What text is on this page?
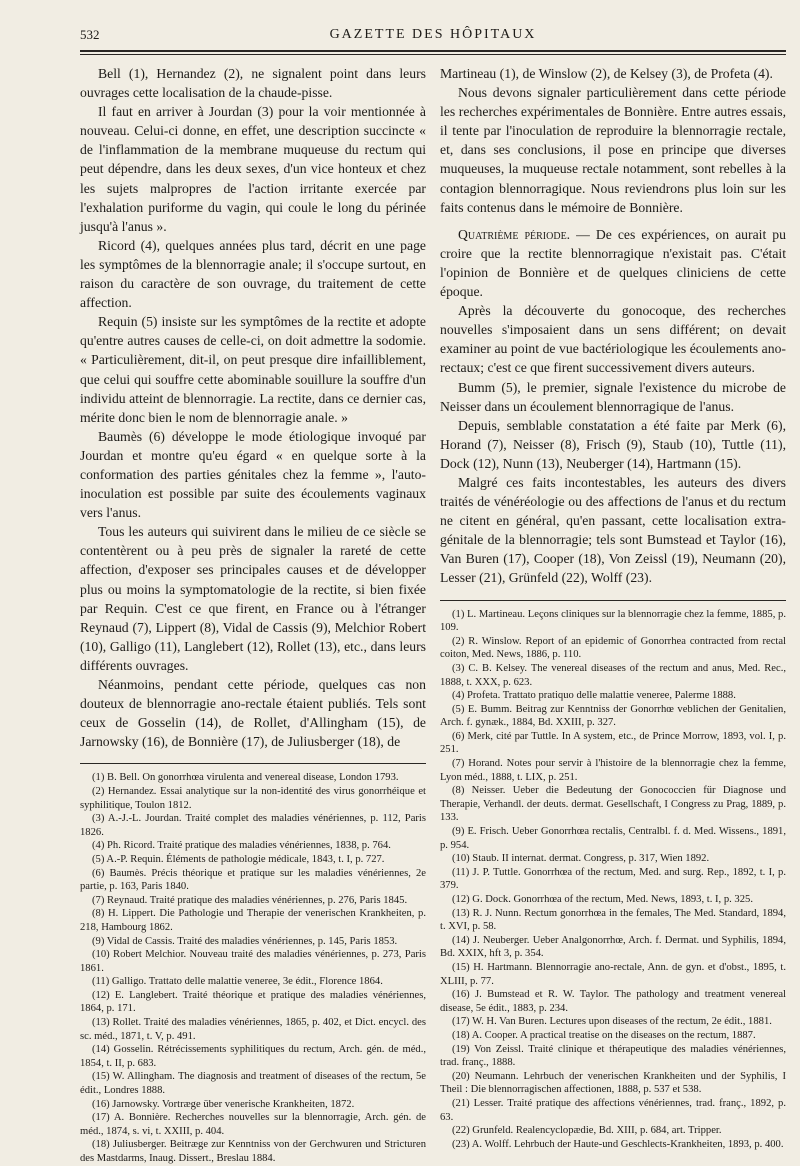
532	GAZETTE DES HÔPITAUX

Bell (1), Hernandez (2), ne signalent point dans leurs ouvrages cette localisation de la chaude-pisse.

Il faut en arriver à Jourdan (3) pour la voir mentionnée à nouveau. Celui-ci donne, en effet, une description succincte « de l'inflammation de la membrane muqueuse du rectum qui peut dépendre, dans les deux sexes, d'un vice honteux et chez les sujets malpropres de l'action irritante exercée par l'exhalation puriforme du vagin, qui coule le long du périnée jusqu'à l'anus ».

Ricord (4), quelques années plus tard, décrit en une page les symptômes de la blennorragie anale; il s'occupe surtout, en raison du caractère de son ouvrage, du traitement de cette affection.

Requin (5) insiste sur les symptômes de la rectite et adopte qu'entre autres causes de celle-ci, on doit admettre la sodomie. « Particulièrement, dit-il, on peut presque dire infailliblement, que celui qui souffre cette abominable souillure la souffre d'un individu atteint de blennorragie. La rectite, dans ce dernier cas, mérite donc bien le nom de blennorragie anale. »

Baumès (6) développe le mode étiologique invoqué par Jourdan et montre qu'eu égard « en quelque sorte à la conformation des parties génitales chez la femme », l'auto-inoculation est possible par suite des écoulements vaginaux vers l'anus.

Tous les auteurs qui suivirent dans le milieu de ce siècle se contentèrent ou à peu près de signaler la rareté de cette affection, d'exposer ses principales causes et de développer plus ou moins la symptomatologie de la rectite, si bien fixée par Requin. C'est ce que firent, en France ou à l'étranger Reynaud (7), Lippert (8), Vidal de Cassis (9), Melchior Robert (10), Galligo (11), Langlebert (12), Rollet (13), etc., dans leurs différents ouvrages.

Néanmoins, pendant cette période, quelques cas non douteux de blennorragie ano-rectale étaient publiés. Tels sont ceux de Gosselin (14), de Rollet, d'Allingham (15), de Jarnowsky (16), de Bonnière (17), de Juliusberger (18), de

(1) B. Bell. On gonorrhœa virulenta and venereal disease, London 1793.

(2) Hernandez. Essai analytique sur la non-identité des virus gonorrhéique et syphilitique, Toulon 1812.

(3) A.-J.-L. Jourdan. Traité complet des maladies vénériennes, p. 112, Paris 1826.

(4) Ph. Ricord. Traité pratique des maladies vénériennes, 1838, p. 764.

(5) A.-P. Requin. Éléments de pathologie médicale, 1843, t. I, p. 727.

(6) Baumès. Précis théorique et pratique sur les maladies vénériennes, 2e partie, p. 163, Paris 1840.

(7) Reynaud. Traité pratique des maladies vénériennes, p. 276, Paris 1845.

(8) H. Lippert. Die Pathologie und Therapie der venerischen Krankheiten, p. 218, Hambourg 1862.

(9) Vidal de Cassis. Traité des maladies vénériennes, p. 145, Paris 1853.

(10) Robert Melchior. Nouveau traité des maladies vénériennes, p. 273, Paris 1861.

(11) Galligo. Trattato delle malattie veneree, 3e édit., Florence 1864.

(12) E. Langlebert. Traité théorique et pratique des maladies vénériennes, 1864, p. 171.

(13) Rollet. Traité des maladies vénériennes, 1865, p. 402, et Dict. encycl. des sc. méd., 1871, t. V, p. 491.

(14) Gosselin. Rétrécissements syphilitiques du rectum, Arch. gén. de méd., 1854, t. II, p. 683.

(15) W. Allingham. The diagnosis and treatment of diseases of the rectum, 5e édit., Londres 1888.

(16) Jarnowsky. Vortræge über venerische Krankheiten, 1872.

(17) A. Bonnière. Recherches nouvelles sur la blennorragie, Arch. gén. de méd., 1874, s. vi, t. XXIII, p. 404.

(18) Juliusberger. Beitræge zur Kenntniss von der Gerchwuren und Stricturen des Mastdarms, Inaug. Dissert., Breslau 1884.

Martineau (1), de Winslow (2), de Kelsey (3), de Profeta (4).

Nous devons signaler particulièrement dans cette période les recherches expérimentales de Bonnière. Entre autres essais, il tente par l'inoculation de reproduire la blennorragie rectale, et, dans ses conclusions, il pose en principe que diverses muqueuses, la muqueuse rectale notamment, sont rebelles à la contagion blennorragique. Nous reviendrons plus loin sur les faits contenus dans le mémoire de Bonnière.

Quatrième période. — De ces expériences, on aurait pu croire que la rectite blennorragique n'existait pas. C'était l'opinion de Bonnière et de quelques cliniciens de cette époque.

Après la découverte du gonocoque, des recherches nouvelles s'imposaient dans un sens différent; on devait examiner au point de vue bactériologique les écoulements ano-rectaux; c'est ce que firent successivement divers auteurs.

Bumm (5), le premier, signale l'existence du microbe de Neisser dans un écoulement blennorragique de l'anus.

Depuis, semblable constatation a été faite par Merk (6), Horand (7), Neisser (8), Frisch (9), Staub (10), Tuttle (11), Dock (12), Nunn (13), Neuberger (14), Hartmann (15).

Malgré ces faits incontestables, les auteurs des divers traités de vénéréologie ou des affections de l'anus et du rectum ne citent en général, qu'en passant, cette localisation extra-génitale de la blennorragie; tels sont Bumstead et Taylor (16), Van Buren (17), Cooper (18), Von Zeissl (19), Neumann (20), Lesser (21), Grünfeld (22), Wolff (23).

(1) L. Martineau. Leçons cliniques sur la blennorragie chez la femme, 1885, p. 109.

(2) R. Winslow. Report of an epidemic of Gonorrhea contracted from rectal coiton, Med. News, 1886, p. 110.

(3) C. B. Kelsey. The venereal diseases of the rectum and anus, Med. Rec., 1888, t. XXX, p. 623.

(4) Profeta. Trattato pratiquo delle malattie veneree, Palerme 1888.

(5) E. Bumm. Beitrag zur Kenntniss der Gonorrhœ veblichen der Genitalien, Arch. f. gynæk., 1884, Bd. XXIII, p. 327.

(6) Merk, cité par Tuttle. In A system, etc., de Prince Morrow, 1893, vol. I, p. 251.

(7) Horand. Notes pour servir à l'histoire de la blennorragie chez la femme, Lyon méd., 1888, t. LIX, p. 251.

(8) Neisser. Ueber die Bedeutung der Gonococcien für Diagnose und Therapie, Verhandl. der deuts. dermat. Gesellschaft, I Congress zu Prag, 1889, p. 133.

(9) E. Frisch. Ueber Gonorrhœa rectalis, Centralbl. f. d. Med. Wissens., 1891, p. 954.

(10) Staub. II internat. dermat. Congress, p. 317, Wien 1892.

(11) J. P. Tuttle. Gonorrhœa of the rectum, Med. and surg. Rep., 1892, t. I, p. 379.

(12) G. Dock. Gonorrhœa of the rectum, Med. News, 1893, t. I, p. 325.

(13) R. J. Nunn. Rectum gonorrhœa in the females, The Med. Standard, 1894, t. XVI, p. 58.

(14) J. Neuberger. Ueber Analgonorrhœ, Arch. f. Dermat. und Syphilis, 1894, Bd. XXIX, hft 3, p. 354.

(15) H. Hartmann. Blennorragie ano-rectale, Ann. de gyn. et d'obst., 1895, t. XLIII, p. 77.

(16) J. Bumstead et R. W. Taylor. The pathology and treatment venereal disease, 5e édit., 1883, p. 234.

(17) W. H. Van Buren. Lectures upon diseases of the rectum, 2e édit., 1881.

(18) A. Cooper. A practical treatise on the diseases on the rectum, 1887.

(19) Von Zeissl. Traité clinique et thérapeutique des maladies vénériennes, trad. franç., 1888.

(20) Neumann. Lehrbuch der venerischen Krankheiten und der Syphilis, I Theil : Die blennorragischen affectionen, 1888, p. 537 et 538.

(21) Lesser. Traité pratique des affections vénériennes, trad. franç., 1892, p. 63.

(22) Grunfeld. Realencyclopædie, Bd. XIII, p. 684, art. Tripper.

(23) A. Wolff. Lehrbuch der Haute-und Geschlects-Krankheiten, 1893, p. 400.
